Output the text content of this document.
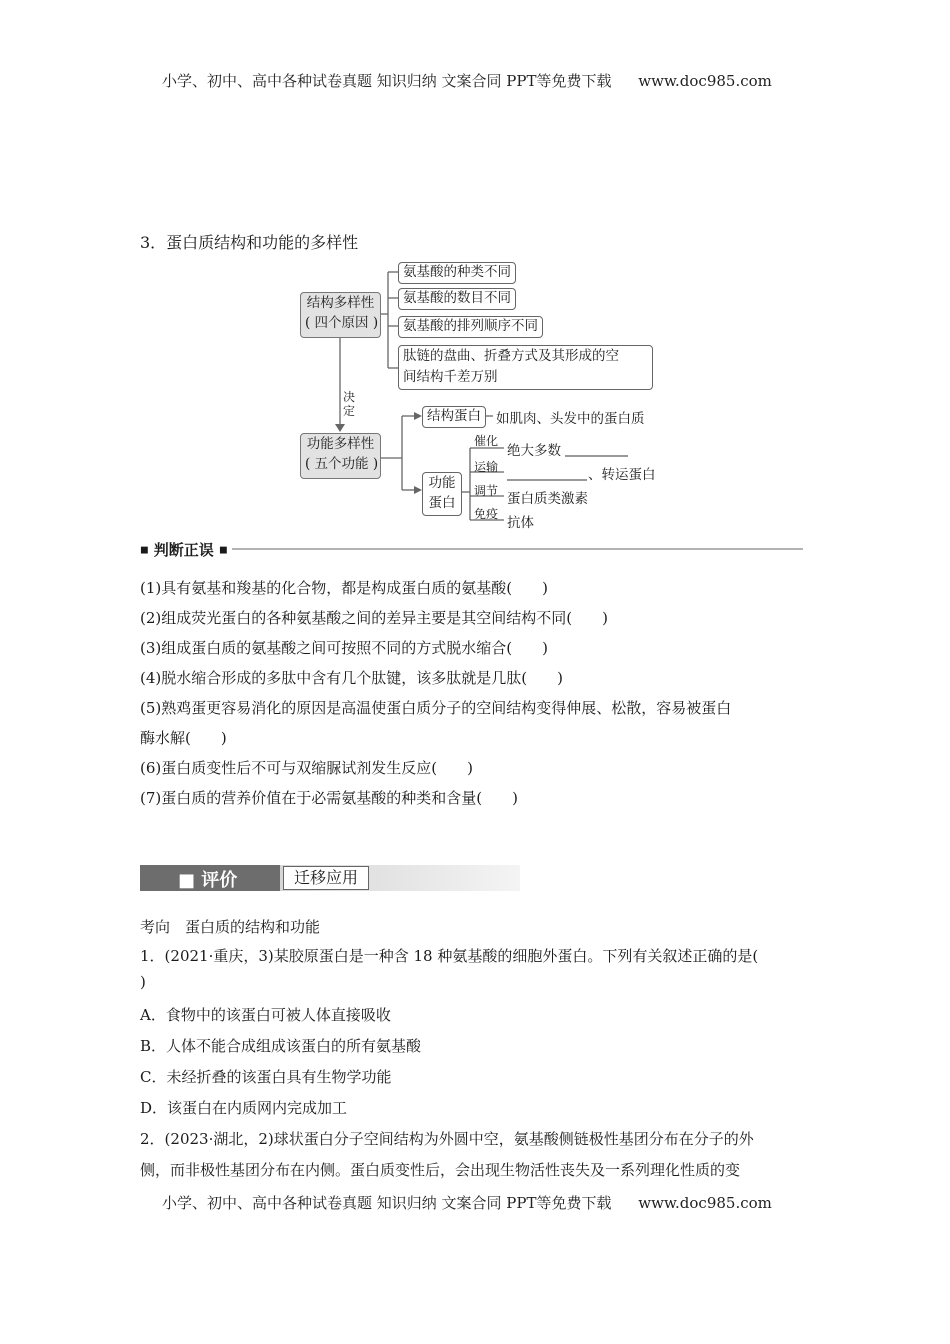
小学、初中、高中各种试卷真题 知识归纳 文案合同 PPT等免费下载 www.doc985.com
3．蛋白质结构和功能的多样性
结构多样性
( 四个原因 )
氨基酸的种类不同
氨基酸的数目不同
氨基酸的排列顺序不同
肽链的盘曲、折叠方式及其形成的空
间结构千差万别
决
定
功能多样性
( 五个功能 )
结构蛋白	如肌肉、头发中的蛋白质
功能
蛋白
催化
绝大多数
运输	、转运蛋白
调节 蛋白质类激素
免疫
抗体
■ 判断正误 ■
(1)具有氨基和羧基的化合物，都是构成蛋白质的氨基酸(　　)
(2)组成荧光蛋白的各种氨基酸之间的差异主要是其空间结构不同(　　)
(3)组成蛋白质的氨基酸之间可按照不同的方式脱水缩合(　　)
(4)脱水缩合形成的多肽中含有几个肽键，该多肽就是几肽(　　)
(5)熟鸡蛋更容易消化的原因是高温使蛋白质分子的空间结构变得伸展、松散，容易被蛋白
酶水解(　　)
(6)蛋白质变性后不可与双缩脲试剂发生反应(　　)
(7)蛋白质的营养价值在于必需氨基酸的种类和含量(　　)
■ 评价	迁移应用
考向　蛋白质的结构和功能
1．(2021·重庆，3)某胶原蛋白是一种含 18 种氨基酸的细胞外蛋白。下列有关叙述正确的是(
)
A．食物中的该蛋白可被人体直接吸收
B．人体不能合成组成该蛋白的所有氨基酸
C．未经折叠的该蛋白具有生物学功能
D．该蛋白在内质网内完成加工
2．(2023·湖北，2)球状蛋白分子空间结构为外圆中空，氨基酸侧链极性基团分布在分子的外
侧，而非极性基团分布在内侧。蛋白质变性后，会出现生物活性丧失及一系列理化性质的变
小学、初中、高中各种试卷真题 知识归纳 文案合同 PPT等免费下载 www.doc985.com
